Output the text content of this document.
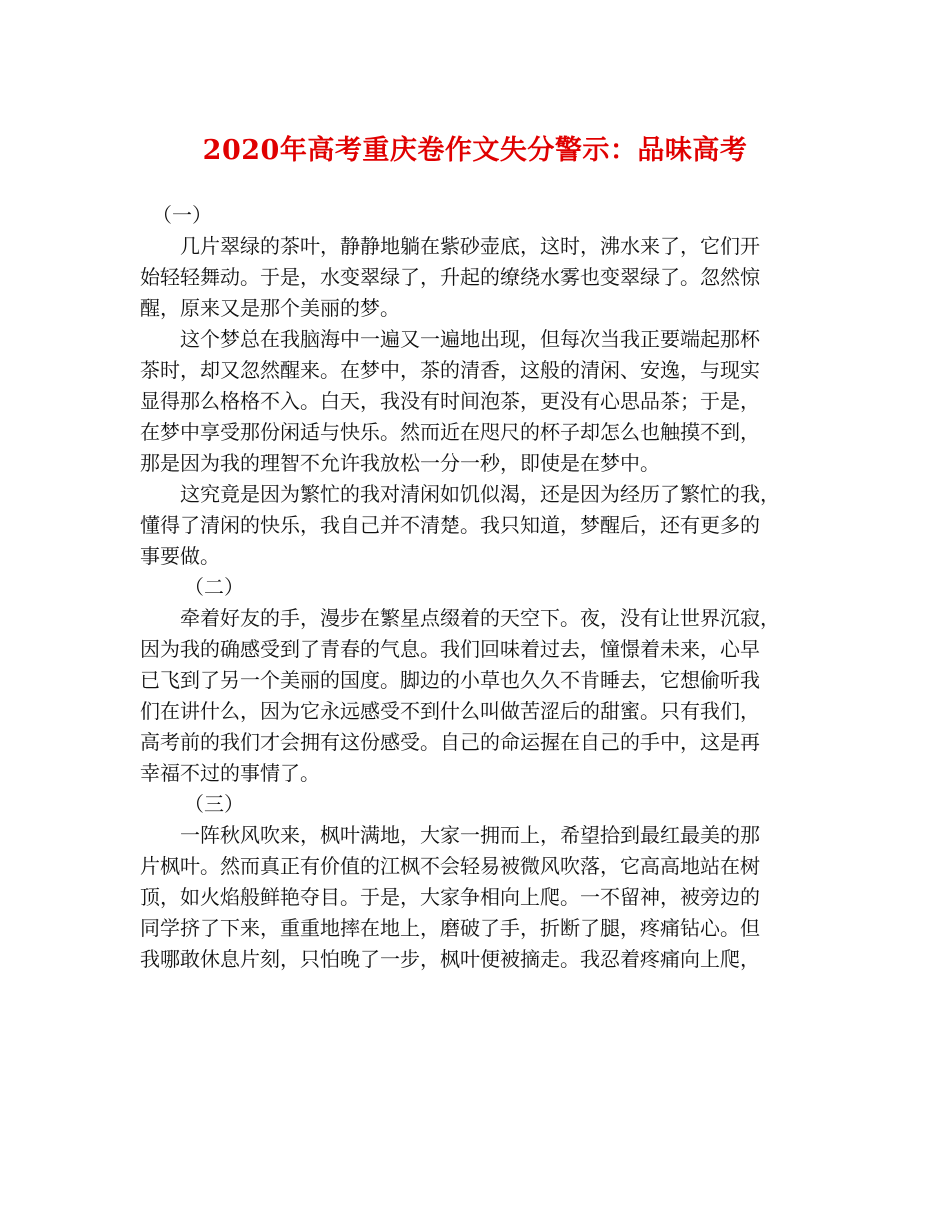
2020年高考重庆卷作文失分警示：品味高考
（一）

几片翠绿的茶叶，静静地躺在紫砂壶底，这时，沸水来了，它们开
始轻轻舞动。于是，水变翠绿了，升起的缭绕水雾也变翠绿了。忽然惊
醒，原来又是那个美丽的梦。

这个梦总在我脑海中一遍又一遍地出现，但每次当我正要端起那杯
茶时，却又忽然醒来。在梦中，茶的清香，这般的清闲、安逸，与现实
显得那么格格不入。白天，我没有时间泡茶，更没有心思品茶；于是，
在梦中享受那份闲适与快乐。然而近在咫尺的杯子却怎么也触摸不到，
那是因为我的理智不允许我放松一分一秒，即使是在梦中。

这究竟是因为繁忙的我对清闲如饥似渴，还是因为经历了繁忙的我，
懂得了清闲的快乐，我自己并不清楚。我只知道，梦醒后，还有更多的
事要做。

（二）

牵着好友的手，漫步在繁星点缀着的天空下。夜，没有让世界沉寂，
因为我的确感受到了青春的气息。我们回味着过去，憧憬着未来，心早
已飞到了另一个美丽的国度。脚边的小草也久久不肯睡去，它想偷听我
们在讲什么，因为它永远感受不到什么叫做苦涩后的甜蜜。只有我们，
高考前的我们才会拥有这份感受。自己的命运握在自己的手中，这是再
幸福不过的事情了。

（三）

一阵秋风吹来，枫叶满地，大家一拥而上，希望拾到最红最美的那
片枫叶。然而真正有价值的江枫不会轻易被微风吹落，它高高地站在树
顶，如火焰般鲜艳夺目。于是，大家争相向上爬。一不留神，被旁边的
同学挤了下来，重重地摔在地上，磨破了手，折断了腿，疼痛钻心。但
我哪敢休息片刻，只怕晚了一步，枫叶便被摘走。我忍着疼痛向上爬，
